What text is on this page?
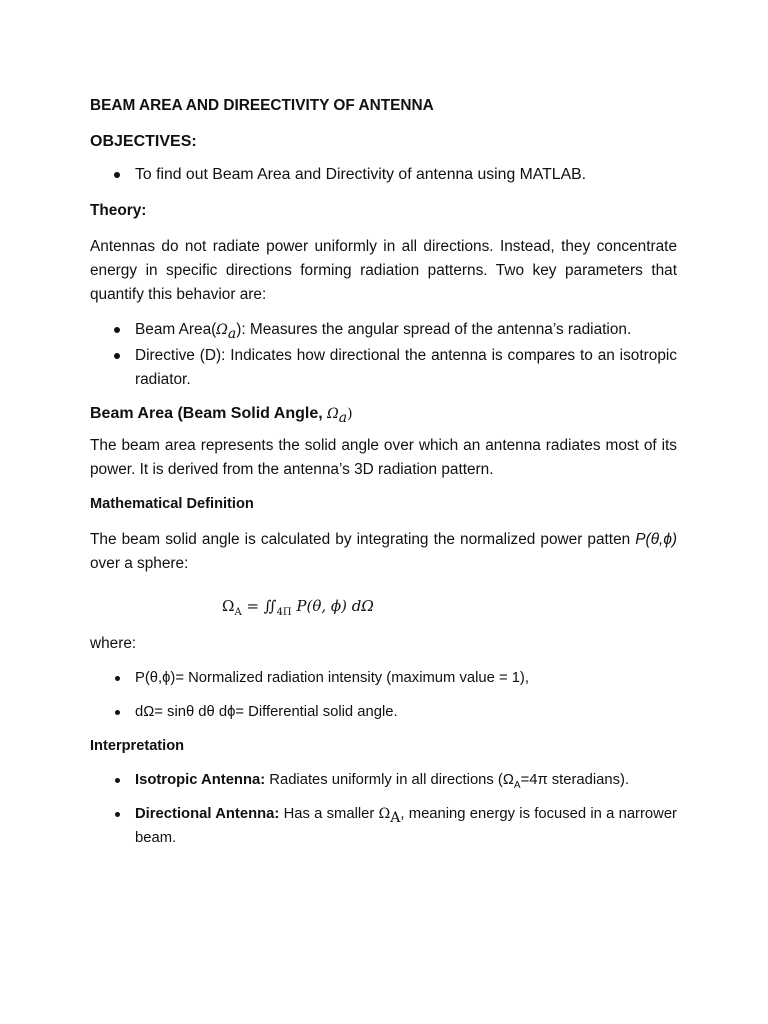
BEAM AREA AND DIREECTIVITY OF ANTENNA
OBJECTIVES:
To find out Beam Area and Directivity of antenna using MATLAB.
Theory:

Antennas do not radiate power uniformly in all directions. Instead, they concentrate energy in specific directions forming radiation patterns. Two key parameters that quantify this behavior are:

Beam $Area(\Omega_a)$: Measures the angular spread of the antenna’s radiation.
Directive (D): Indicates how directional the antenna is compares to an isotropic radiator.
Beam Area (Beam Solid Angle, $\Omega_a$)

The beam area represents the solid angle over which an antenna radiates most of its power. It is derived from the antenna’s 3D radiation pattern.

Mathematical Definition

The beam solid angle is calculated by integrating the normalized power patten P(θ,ϕ) over a sphere:

$\Omega_A$ = $∬_{4\Pi}$ P(θ, ϕ) dΩ

where:

P(θ,ϕ)= Normalized radiation intensity (maximum value = 1),
dΩ= sinθ dθ dϕ= Differential solid angle.
Interpretation
Isotropic Antenna: Radiates uniformly in all directions ($\Omega_A=4\pi$ steradians).
Directional Antenna: Has a smaller $\Omega_A$, meaning energy is focused in a narrower beam.
